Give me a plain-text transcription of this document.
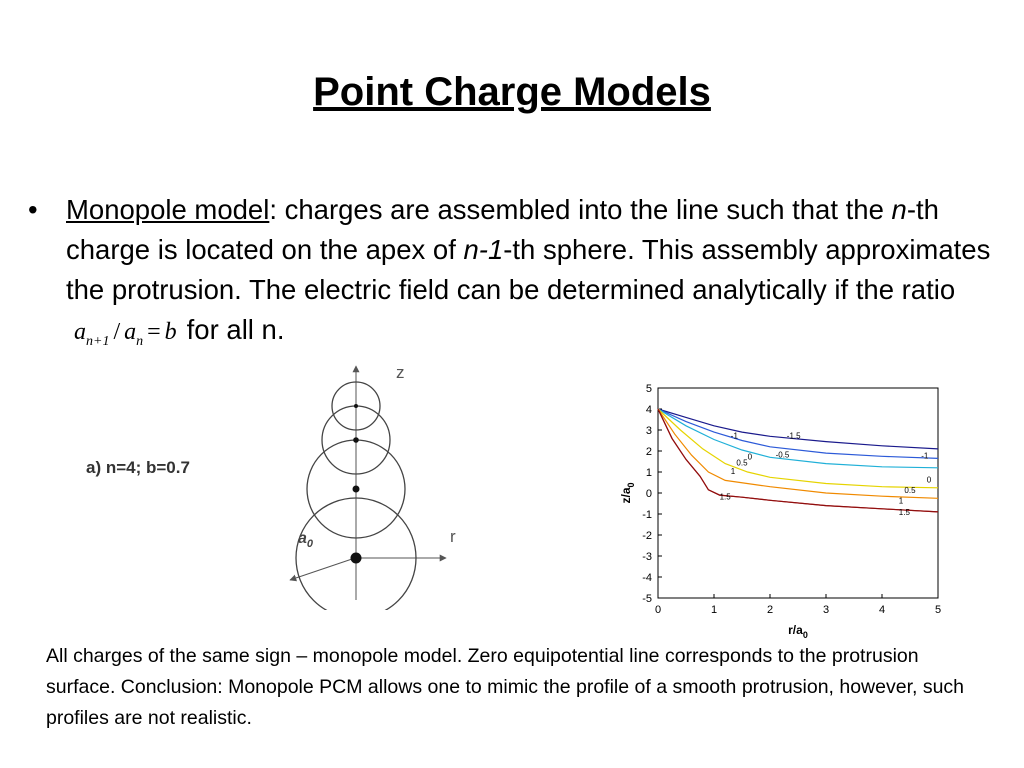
Point Charge Models
• Monopole model: charges are assembled into the line such that the n-th charge is located on the apex of n-1-th sphere. This assembly approximates the protrusion. The electric field can be determined analytically if the ratio $a_{n+1} / a_n = b$ for all n.
a) n=4; b=0.7
z
r
$a_0$
0	1	2	3	4	5
5
4
3
2
1
0
-1
-2
-3
-4
-5
-1.5
-1
-0.5
0
0.5
1
1.5
-1
0
0.5
1
1.5
$r/a_0$
$z/a_0$
All charges of the same sign – monopole model. Zero equipotential line corresponds to the protrusion surface. Conclusion: Monopole PCM allows one to mimic the profile of a smooth protrusion, however, such profiles are not realistic.
